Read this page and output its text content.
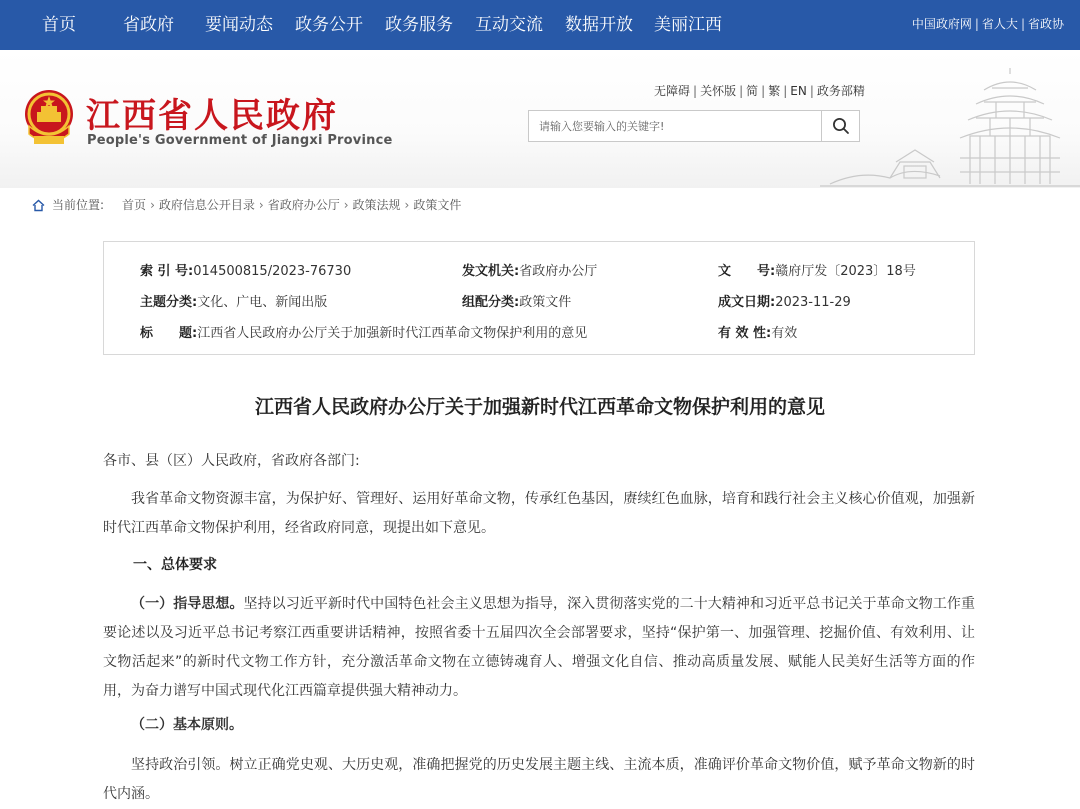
首页	省政府 要闻动态 政务公开 政务服务 互动交流 数据开放 美丽江西	中国政府网 | 省人大 | 省政协
江西省人民政府
People's Government of Jiangxi Province
无障碍 | 关怀版 | 简 | 繁 | EN | 政务部精
请输入您要输入的关键字!
当前位置: 首页 › 政府信息公开目录 › 省政府办公厅 › 政策法规 › 政策文件
索 引 号:014500815/2023-76730	发文机关:省政府办公厅	文　　号:赣府厅发〔2023〕18号
主题分类:文化、广电、新闻出版	组配分类:政策文件	成文日期:2023-11-29
标　　题:江西省人民政府办公厅关于加强新时代江西革命文物保护利用的意见	有 效 性:有效
江西省人民政府办公厅关于加强新时代江西革命文物保护利用的意见
各市、县（区）人民政府，省政府各部门:
我省革命文物资源丰富，为保护好、管理好、运用好革命文物，传承红色基因，赓续红色血脉，培育和践行社会主义核心价值观，加强新时代江西革命文物保护利用，经省政府同意，现提出如下意见。
一、总体要求
（一）指导思想。坚持以习近平新时代中国特色社会主义思想为指导，深入贯彻落实党的二十大精神和习近平总书记关于革命文物工作重要论述以及习近平总书记考察江西重要讲话精神，按照省委十五届四次全会部署要求，坚持“保护第一、加强管理、挖掘价值、有效利用、让文物活起来”的新时代文物工作方针，充分激活革命文物在立德铸魂育人、增强文化自信、推动高质量发展、赋能人民美好生活等方面的作用，为奋力谱写中国式现代化江西篇章提供强大精神动力。
（二）基本原则。
坚持政治引领。树立正确党史观、大历史观，准确把握党的历史发展主题主线、主流本质，准确评价革命文物价值，赋予革命文物新的时代内涵。
